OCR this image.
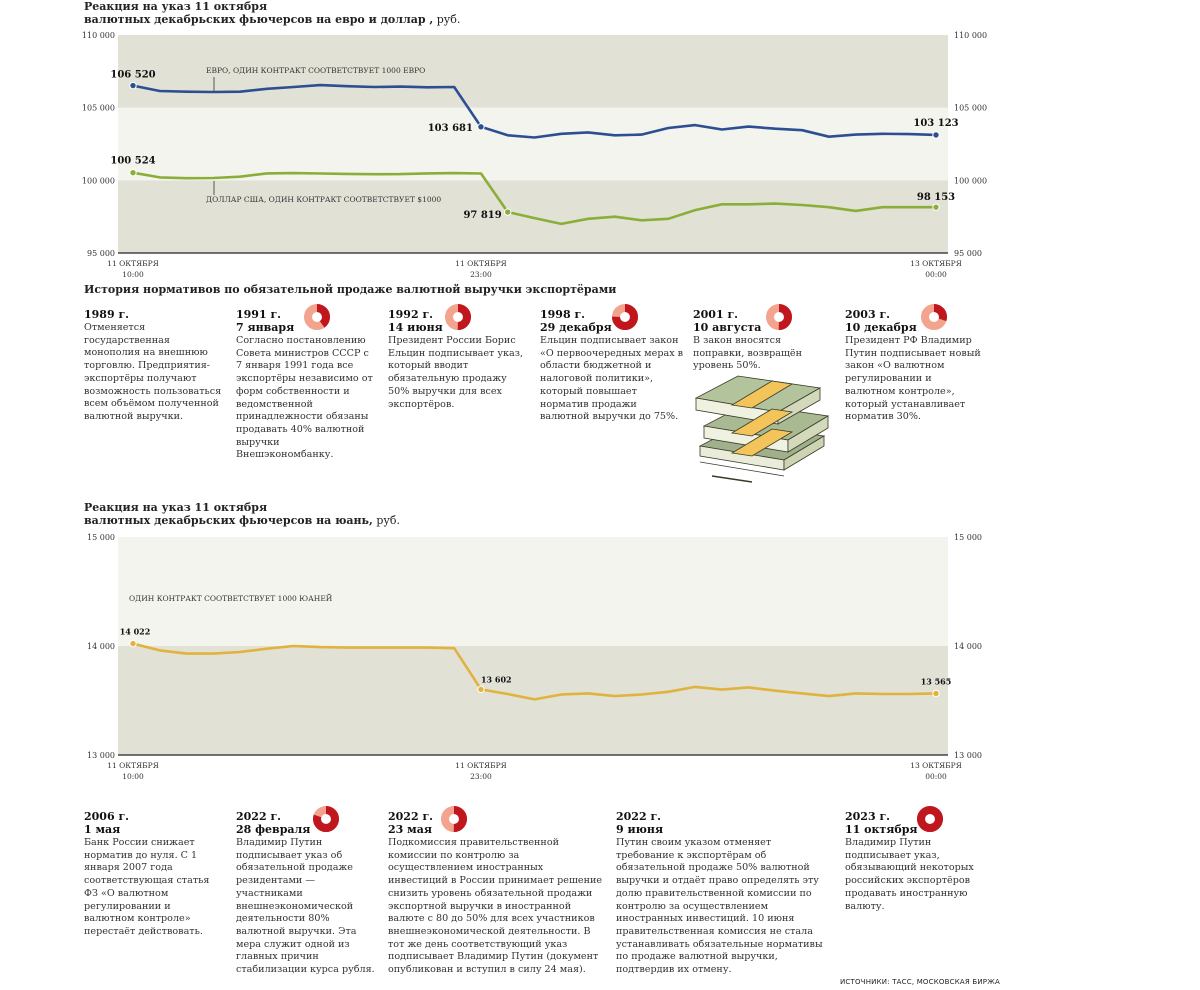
Реакция на указ 11 октября
валютных декабрьских фьючерсов на евро и доллар , руб.
95 000	95 000
100 000	100 000
105 000	105 000
110 000	110 000
11 ОКТЯБРЯ
10:00
11 ОКТЯБРЯ
23:00
13 ОКТЯБРЯ
00:00
106 520
103 681	103 123
ЕВРО, ОДИН КОНТРАКТ СООТВЕТСТВУЕТ 1000 ЕВРО
100 524
97 819
98 153
ДОЛЛАР США, ОДИН КОНТРАКТ СООТВЕТСТВУЕТ $1000
История нормативов по обязательной продаже валютной выручки экспортёрами
1989 г.
Отменяется государственная монополия на внешнюю торговлю. Предприятия-экспортёры получают возможность пользоваться всем объёмом полученной валютной выручки.
1991 г.
7 января
Согласно постановлению Совета министров СССР с 7 января 1991 года все экспортёры независимо от форм собственности и ведомственной принадлежности обязаны продавать 40% валютной выручки Внешэкономбанку.
1992 г.
14 июня
Президент России Борис Ельцин подписывает указ, который вводит обязательную продажу 50% выручки для всех экспортёров.
1998 г.
29 декабря
Ельцин подписывает закон «О первоочередных мерах в области бюджетной и налоговой политики», который повышает норматив продажи валютной выручки до 75%.
2001 г.
10 августа
В закон вносятся поправки, возвращён уровень 50%.
2003 г.
10 декабря
Президент РФ Владимир Путин подписывает новый закон «О валютном регулировании и валютном контроле», который устанавливает норматив 30%.
Реакция на указ 11 октября
валютных декабрьских фьючерсов на юань, руб.
13 000	13 000
14 000	14 000
15 000	15 000
11 ОКТЯБРЯ
10:00
11 ОКТЯБРЯ
23:00
13 ОКТЯБРЯ
00:00
14 022
13 602	13 565
ОДИН КОНТРАКТ СООТВЕТСТВУЕТ 1000 ЮАНЕЙ
2006 г.
1 мая
Банк России снижает норматив до нуля. С 1 января 2007 года соответствующая статья ФЗ «О валютном регулировании и валютном контроле» перестаёт действовать.
2022 г.
28 февраля
Владимир Путин подписывает указ об обязательной продаже резидентами — участниками внешнеэкономической деятельности 80% валютной выручки. Эта мера служит одной из главных причин стабилизации курса рубля.
2022 г.
23 мая
Подкомиссия правительственной комиссии по контролю за осуществлением иностранных инвестиций в России принимает решение снизить уровень обязательной продажи экспортной выручки в иностранной валюте с 80 до 50% для всех участников внешнеэкономической деятельности. В тот же день соответствующий указ подписывает Владимир Путин (документ опубликован и вступил в силу 24 мая).
2022 г.
9 июня
Путин своим указом отменяет требование к экспортёрам об обязательной продаже 50% валютной выручки и отдаёт право определять эту долю правительственной комиссии по контролю за осуществлением иностранных инвестиций. 10 июня правительственная комиссия не стала устанавливать обязательные нормативы по продаже валютной выручки, подтвердив их отмену.
2023 г.
11 октября
Владимир Путин подписывает указ, обязывающий некоторых российских экспортёров продавать иностранную валюту.
ИСТОЧНИКИ: ТАСС, МОСКОВСКАЯ БИРЖА
